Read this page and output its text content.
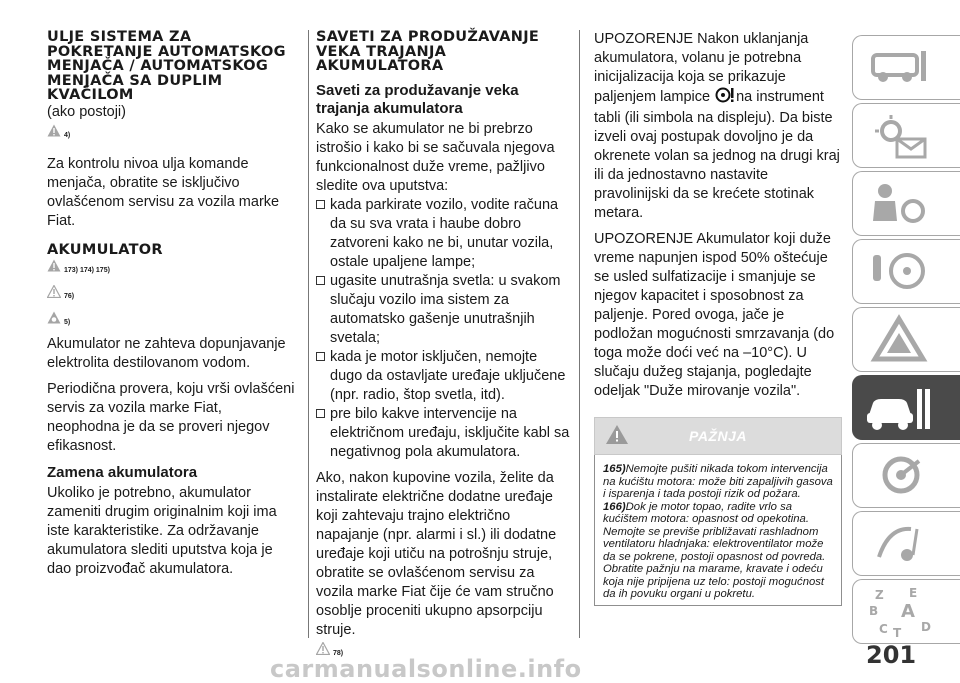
ULJE SISTEMA ZA POKRETANJE AUTOMATSKOG MENJAČA / AUTOMATSKOG MENJAČA SA DUPLIM KVAČILOM
(ako postoji)
4)

Za kontrolu nivoa ulja komande menjača, obratite se isključivo ovlašćenom servisu za vozila marke Fiat.

AKUMULATOR
173) 174) 175)
76)
5)

Akumulator ne zahteva dopunjavanje elektrolita destilovanom vodom.

Periodična provera, koju vrši ovlašćeni servis za vozila marke Fiat, neophodna je da se proveri njegov efikasnost.

Zamena akumulatora

Ukoliko je potrebno, akumulator zameniti drugim originalnim koji ima iste karakteristike. Za održavanje akumulatora slediti uputstva koja je dao proizvođač akumulatora.

SAVETI ZA PRODUŽAVANJE VEKA TRAJANJA AKUMULATORA
Saveti za produžavanje veka trajanja akumulatora

Kako se akumulator ne bi prebrzo istrošio i kako bi se sačuvala njegova funkcionalnost duže vreme, pažljivo sledite ova uputstva:

kada parkirate vozilo, vodite računa da su sva vrata i haube dobro zatvoreni kako ne bi, unutar vozila, ostale upaljene lampe;
ugasite unutrašnja svetla: u svakom slučaju vozilo ima sistem za automatsko gašenje unutrašnjih svetala;
kada je motor isključen, nemojte dugo da ostavljate uređaje uključene (npr. radio, štop svetla, itd).
pre bilo kakve intervencije na električnom uređaju, isključite kabl sa negativnog pola akumulatora.

Ako, nakon kupovine vozila, želite da instalirate električne dodatne uređaje koji zahtevaju trajno električno napajanje (npr. alarmi i sl.) ili dodatne uređaje koji utiču na potrošnju struje, obratite se ovlašćenom servisu za vozila marke Fiat čije će vam stručno osoblje proceniti ukupno apsorpciju struje.

78)

UPOZORENJE Nakon uklanjanja akumulatora, volanu je potrebna inicijalizacija koja se prikazuje paljenjem lampice na instrument tabli (ili simbola na displeju). Da biste izveli ovaj postupak dovoljno je da okrenete volan sa jednog na drugi kraj ili da jednostavno nastavite pravolinijski da se krećete stotinak metara.

UPOZORENJE Akumulator koji duže vreme napunjen ispod 50% oštećuje se usled sulfatizacije i smanjuje se njegov kapacitet i sposobnost za paljenje. Pored ovoga, jače je podložan mogućnosti smrzavanja (do toga može doći već na –10°C). U slučaju dužeg stajanja, pogledajte odeljak "Duže mirovanje vozila".

PAŽNJA
165)Nemojte pušiti nikada tokom intervencija na kućištu motora: može biti zapaljivih gasova i isparenja i tada postoji rizik od požara.
166)Dok je motor topao, radite vrlo sa kućištem motora: opasnost od opekotina. Nemojte se previše približavati rashladnom ventilatoru hladnjaka: elektroventilator može da se pokrene, postoji opasnost od povreda. Obratite pažnju na marame, kravate i odeću koja nije pripijena uz telo: postoji mogućnost da ih povuku organi u pokretu.	Z E
B A
C T D
201
carmanualsonline.info
